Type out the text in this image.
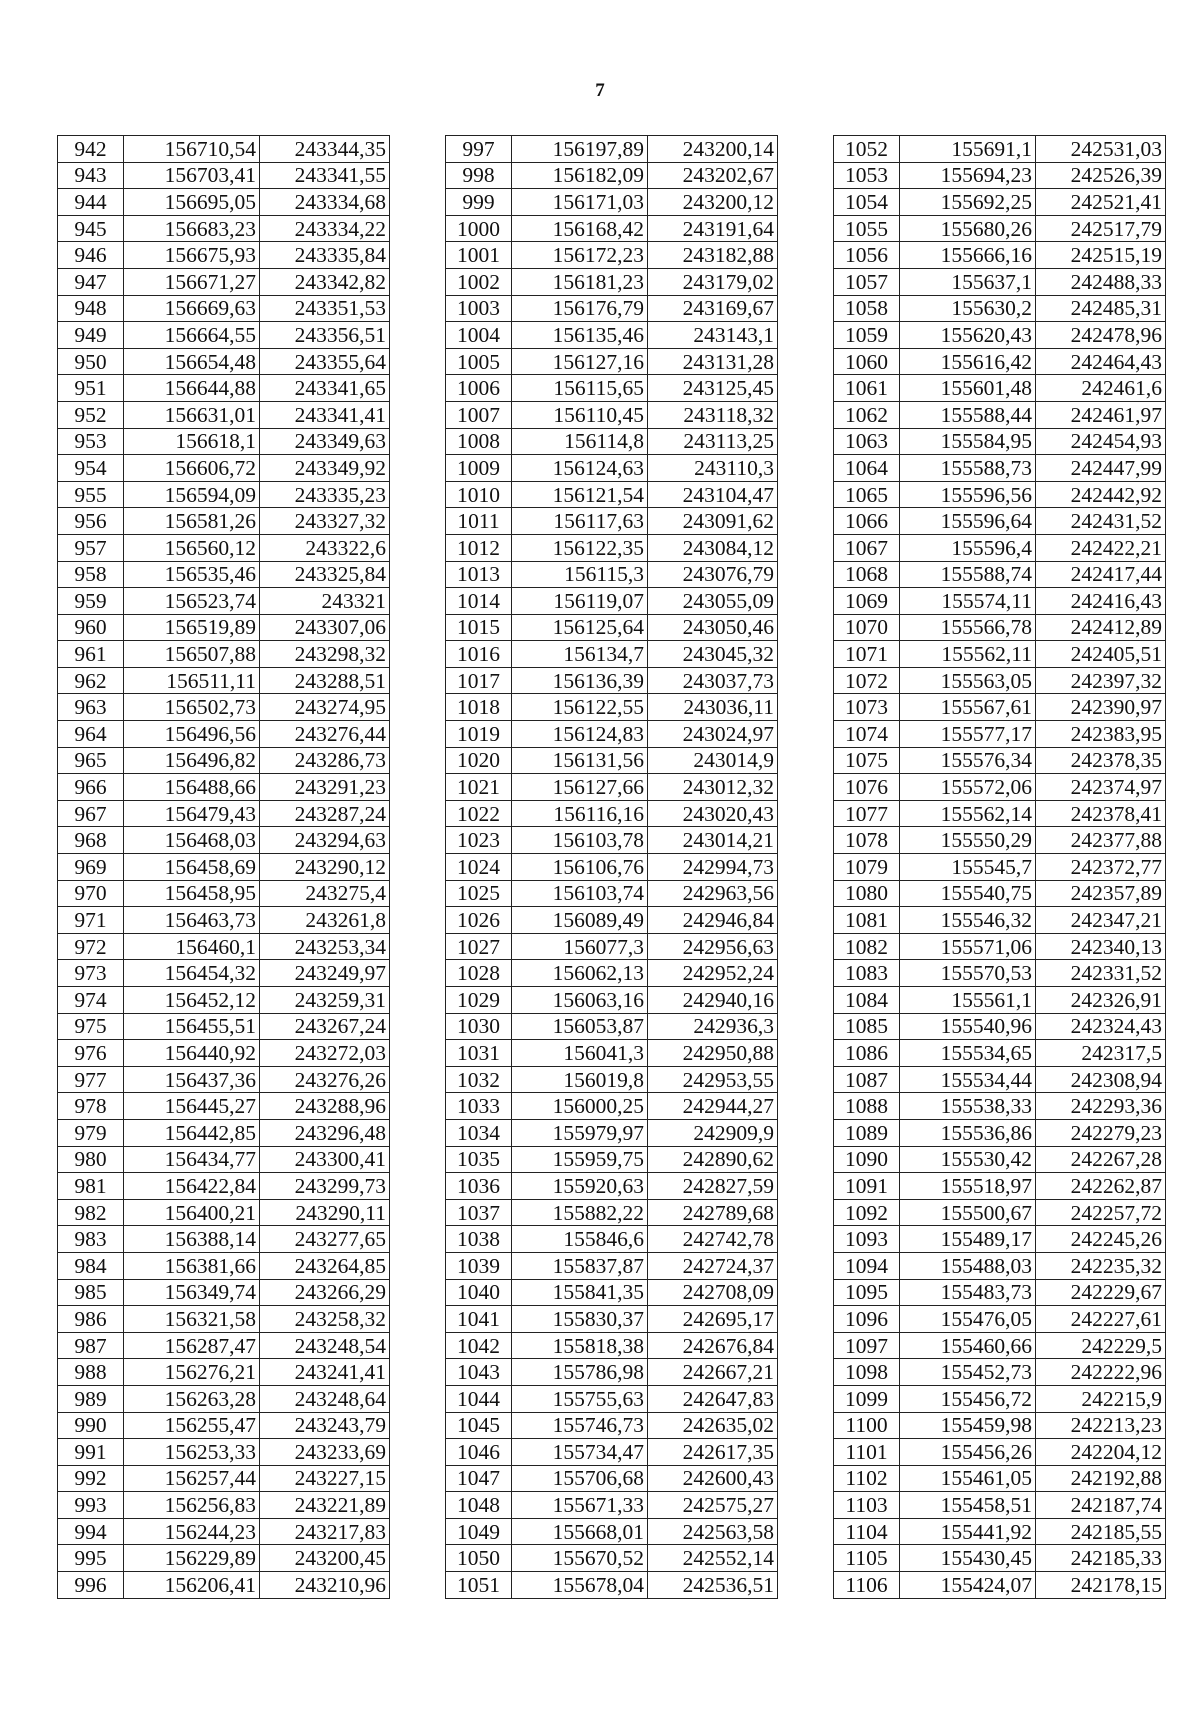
7
942	156710,54	243344,35
943	156703,41	243341,55
944	156695,05	243334,68
945	156683,23	243334,22
946	156675,93	243335,84
947	156671,27	243342,82
948	156669,63	243351,53
949	156664,55	243356,51
950	156654,48	243355,64
951	156644,88	243341,65
952	156631,01	243341,41
953	156618,1	243349,63
954	156606,72	243349,92
955	156594,09	243335,23
956	156581,26	243327,32
957	156560,12	243322,6
958	156535,46	243325,84
959	156523,74	243321
960	156519,89	243307,06
961	156507,88	243298,32
962	156511,11	243288,51
963	156502,73	243274,95
964	156496,56	243276,44
965	156496,82	243286,73
966	156488,66	243291,23
967	156479,43	243287,24
968	156468,03	243294,63
969	156458,69	243290,12
970	156458,95	243275,4
971	156463,73	243261,8
972	156460,1	243253,34
973	156454,32	243249,97
974	156452,12	243259,31
975	156455,51	243267,24
976	156440,92	243272,03
977	156437,36	243276,26
978	156445,27	243288,96
979	156442,85	243296,48
980	156434,77	243300,41
981	156422,84	243299,73
982	156400,21	243290,11
983	156388,14	243277,65
984	156381,66	243264,85
985	156349,74	243266,29
986	156321,58	243258,32
987	156287,47	243248,54
988	156276,21	243241,41
989	156263,28	243248,64
990	156255,47	243243,79
991	156253,33	243233,69
992	156257,44	243227,15
993	156256,83	243221,89
994	156244,23	243217,83
995	156229,89	243200,45
996	156206,41	243210,96
997	156197,89	243200,14
998	156182,09	243202,67
999	156171,03	243200,12
1000	156168,42	243191,64
1001	156172,23	243182,88
1002	156181,23	243179,02
1003	156176,79	243169,67
1004	156135,46	243143,1
1005	156127,16	243131,28
1006	156115,65	243125,45
1007	156110,45	243118,32
1008	156114,8	243113,25
1009	156124,63	243110,3
1010	156121,54	243104,47
1011	156117,63	243091,62
1012	156122,35	243084,12
1013	156115,3	243076,79
1014	156119,07	243055,09
1015	156125,64	243050,46
1016	156134,7	243045,32
1017	156136,39	243037,73
1018	156122,55	243036,11
1019	156124,83	243024,97
1020	156131,56	243014,9
1021	156127,66	243012,32
1022	156116,16	243020,43
1023	156103,78	243014,21
1024	156106,76	242994,73
1025	156103,74	242963,56
1026	156089,49	242946,84
1027	156077,3	242956,63
1028	156062,13	242952,24
1029	156063,16	242940,16
1030	156053,87	242936,3
1031	156041,3	242950,88
1032	156019,8	242953,55
1033	156000,25	242944,27
1034	155979,97	242909,9
1035	155959,75	242890,62
1036	155920,63	242827,59
1037	155882,22	242789,68
1038	155846,6	242742,78
1039	155837,87	242724,37
1040	155841,35	242708,09
1041	155830,37	242695,17
1042	155818,38	242676,84
1043	155786,98	242667,21
1044	155755,63	242647,83
1045	155746,73	242635,02
1046	155734,47	242617,35
1047	155706,68	242600,43
1048	155671,33	242575,27
1049	155668,01	242563,58
1050	155670,52	242552,14
1051	155678,04	242536,51
1052	155691,1	242531,03
1053	155694,23	242526,39
1054	155692,25	242521,41
1055	155680,26	242517,79
1056	155666,16	242515,19
1057	155637,1	242488,33
1058	155630,2	242485,31
1059	155620,43	242478,96
1060	155616,42	242464,43
1061	155601,48	242461,6
1062	155588,44	242461,97
1063	155584,95	242454,93
1064	155588,73	242447,99
1065	155596,56	242442,92
1066	155596,64	242431,52
1067	155596,4	242422,21
1068	155588,74	242417,44
1069	155574,11	242416,43
1070	155566,78	242412,89
1071	155562,11	242405,51
1072	155563,05	242397,32
1073	155567,61	242390,97
1074	155577,17	242383,95
1075	155576,34	242378,35
1076	155572,06	242374,97
1077	155562,14	242378,41
1078	155550,29	242377,88
1079	155545,7	242372,77
1080	155540,75	242357,89
1081	155546,32	242347,21
1082	155571,06	242340,13
1083	155570,53	242331,52
1084	155561,1	242326,91
1085	155540,96	242324,43
1086	155534,65	242317,5
1087	155534,44	242308,94
1088	155538,33	242293,36
1089	155536,86	242279,23
1090	155530,42	242267,28
1091	155518,97	242262,87
1092	155500,67	242257,72
1093	155489,17	242245,26
1094	155488,03	242235,32
1095	155483,73	242229,67
1096	155476,05	242227,61
1097	155460,66	242229,5
1098	155452,73	242222,96
1099	155456,72	242215,9
1100	155459,98	242213,23
1101	155456,26	242204,12
1102	155461,05	242192,88
1103	155458,51	242187,74
1104	155441,92	242185,55
1105	155430,45	242185,33
1106	155424,07	242178,15
